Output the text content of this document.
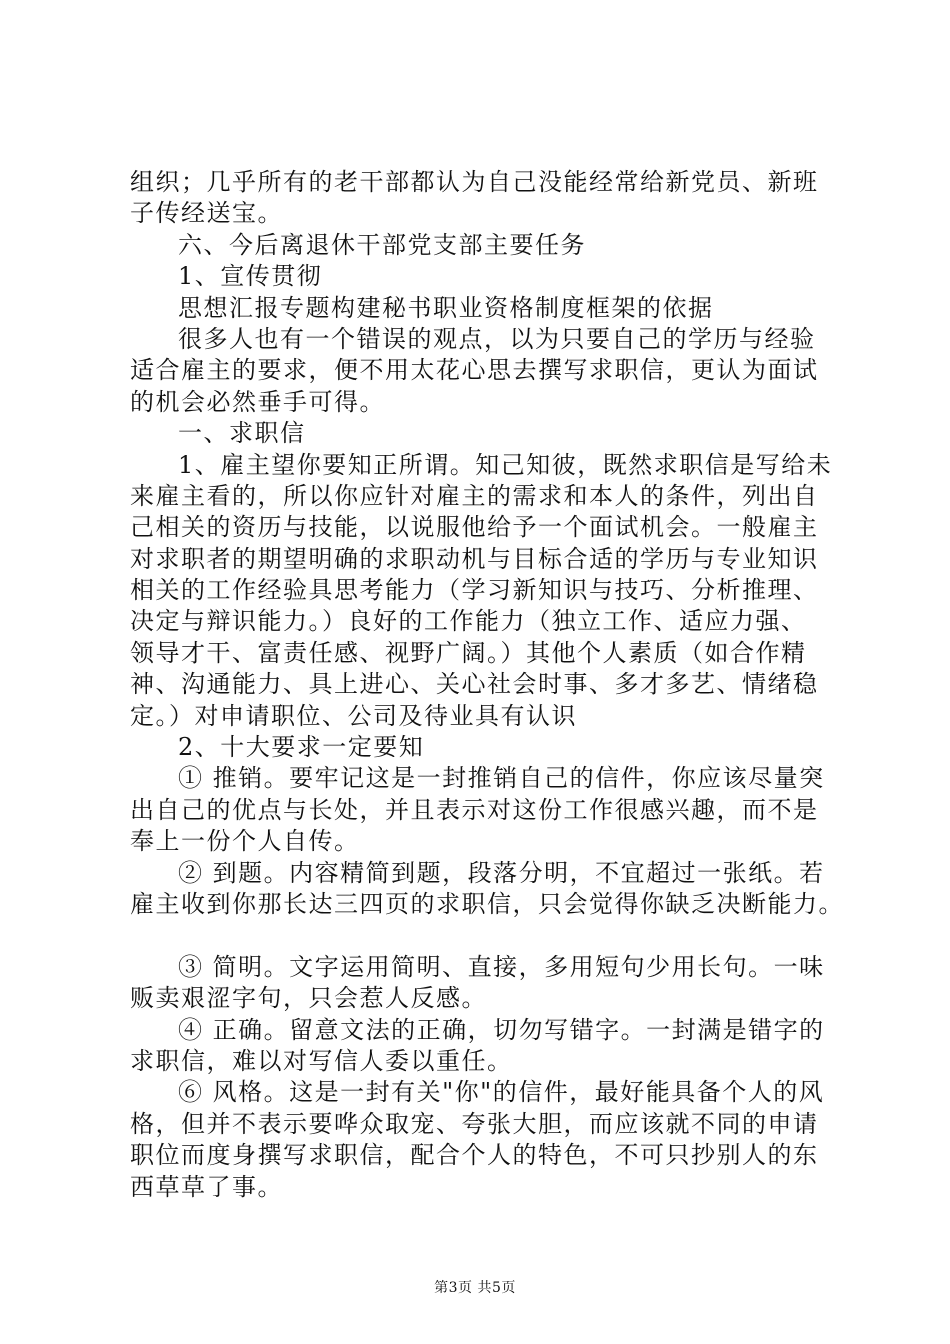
组织；几乎所有的老干部都认为自己没能经常给新党员、新班
子传经送宝。
六、今后离退休干部党支部主要任务
1、宣传贯彻
思想汇报专题构建秘书职业资格制度框架的依据
很多人也有一个错误的观点，以为只要自己的学历与经验
适合雇主的要求，便不用太花心思去撰写求职信，更认为面试
的机会必然垂手可得。
一、求职信
1、雇主望你要知正所谓。知己知彼，既然求职信是写给未
来雇主看的，所以你应针对雇主的需求和本人的条件，列出自
己相关的资历与技能，以说服他给予一个面试机会。一般雇主
对求职者的期望明确的求职动机与目标合适的学历与专业知识
相关的工作经验具思考能力（学习新知识与技巧、分析推理、
决定与辩识能力。）良好的工作能力（独立工作、适应力强、
领导才干、富责任感、视野广阔。）其他个人素质（如合作精
神、沟通能力、具上进心、关心社会时事、多才多艺、情绪稳
定。）对申请职位、公司及待业具有认识
2、十大要求一定要知
① 推销。要牢记这是一封推销自己的信件，你应该尽量突
出自己的优点与长处，并且表示对这份工作很感兴趣，而不是
奉上一份个人自传。
② 到题。内容精简到题，段落分明，不宜超过一张纸。若
雇主收到你那长达三四页的求职信，只会觉得你缺乏决断能力。
③ 简明。文字运用简明、直接，多用短句少用长句。一味
贩卖艰涩字句，只会惹人反感。
④ 正确。留意文法的正确，切勿写错字。一封满是错字的
求职信，难以对写信人委以重任。
⑥ 风格。这是一封有关"你"的信件，最好能具备个人的风
格，但并不表示要哗众取宠、夸张大胆，而应该就不同的申请
职位而度身撰写求职信，配合个人的特色，不可只抄别人的东
西草草了事。
第3页 共5页
